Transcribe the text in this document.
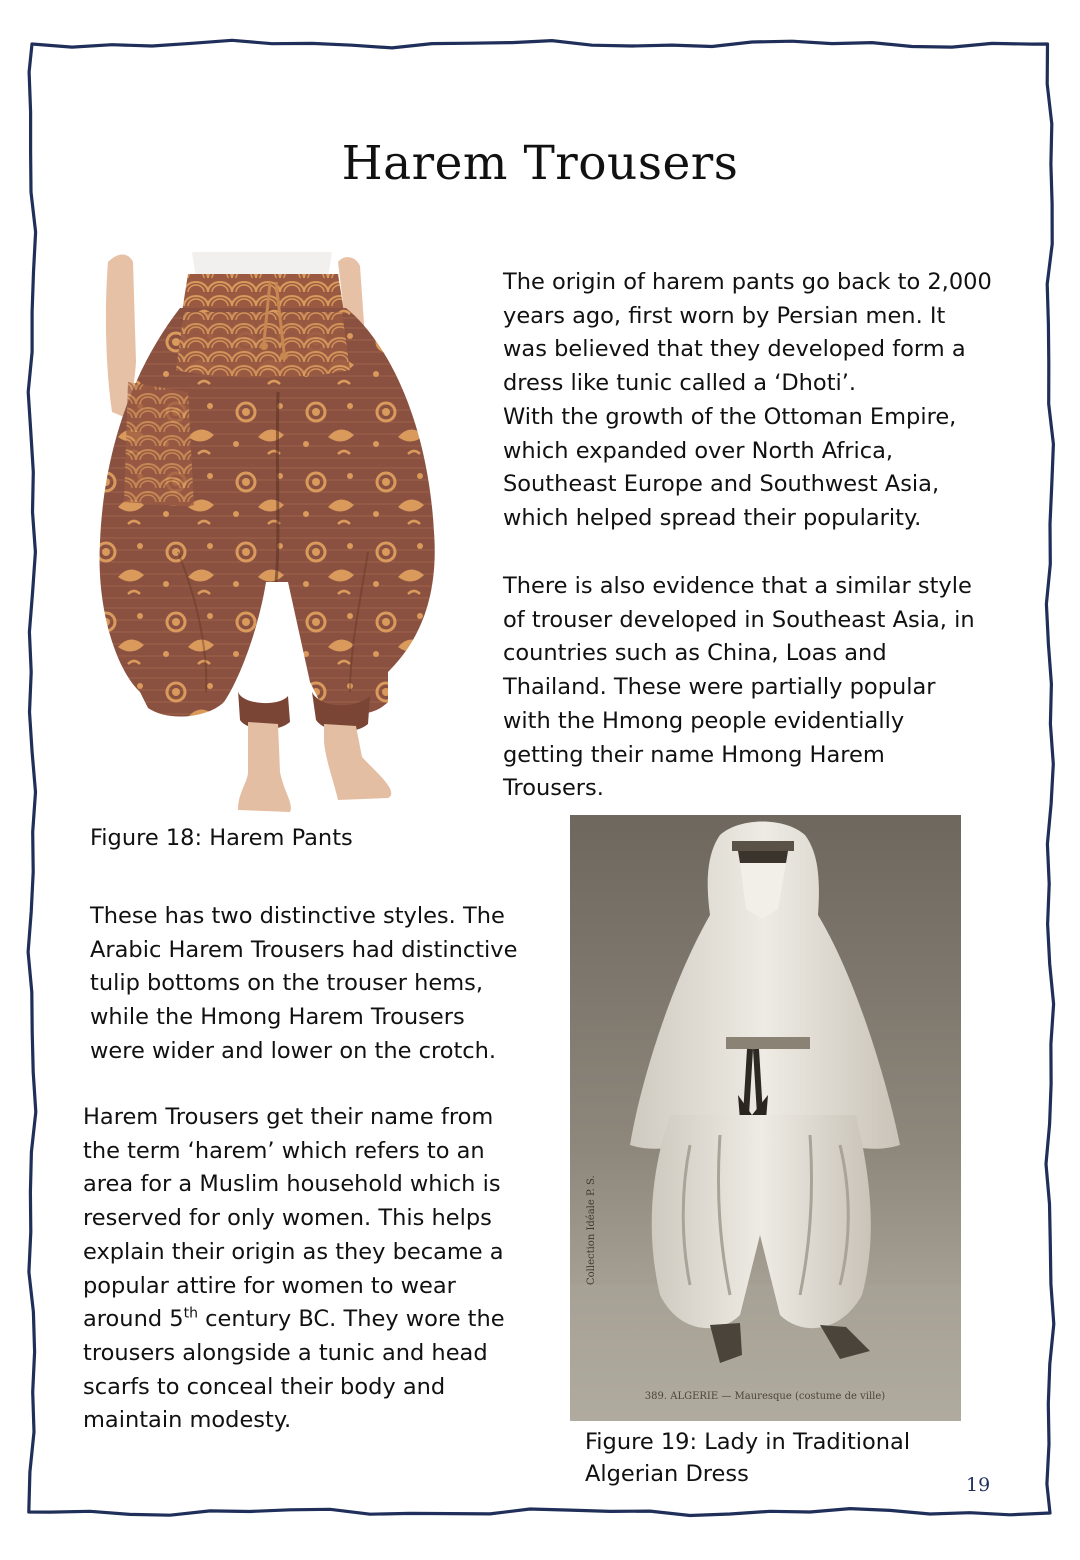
Harem Trousers
Figure 18: Harem Pants
The origin of harem pants go back to 2,000
years ago, first worn by Persian men. It
was believed that they developed form a
dress like tunic called a ‘Dhoti’.
With the growth of the Ottoman Empire,
which expanded over North Africa,
Southeast Europe and Southwest Asia,
which helped spread their popularity.
There is also evidence that a similar style
of trouser developed in Southeast Asia, in
countries such as China, Loas and
Thailand. These were partially popular
with the Hmong people evidentially
getting their name Hmong Harem
Trousers.
These has two distinctive styles. The
Arabic Harem Trousers had distinctive
tulip bottoms on the trouser hems,
while the Hmong Harem Trousers
were wider and lower on the crotch.
Harem Trousers get their name from
the term ‘harem’ which refers to an
area for a Muslim household which is
reserved for only women. This helps
explain their origin as they became a
popular attire for women to wear
around 5th century BC. They wore the
trousers alongside a tunic and head
scarfs to conceal their body and
maintain modesty.
389. ALGERIE — Mauresque (costume de ville)
Collection Idéale P. S.
Figure 19: Lady in Traditional
Algerian Dress	19
